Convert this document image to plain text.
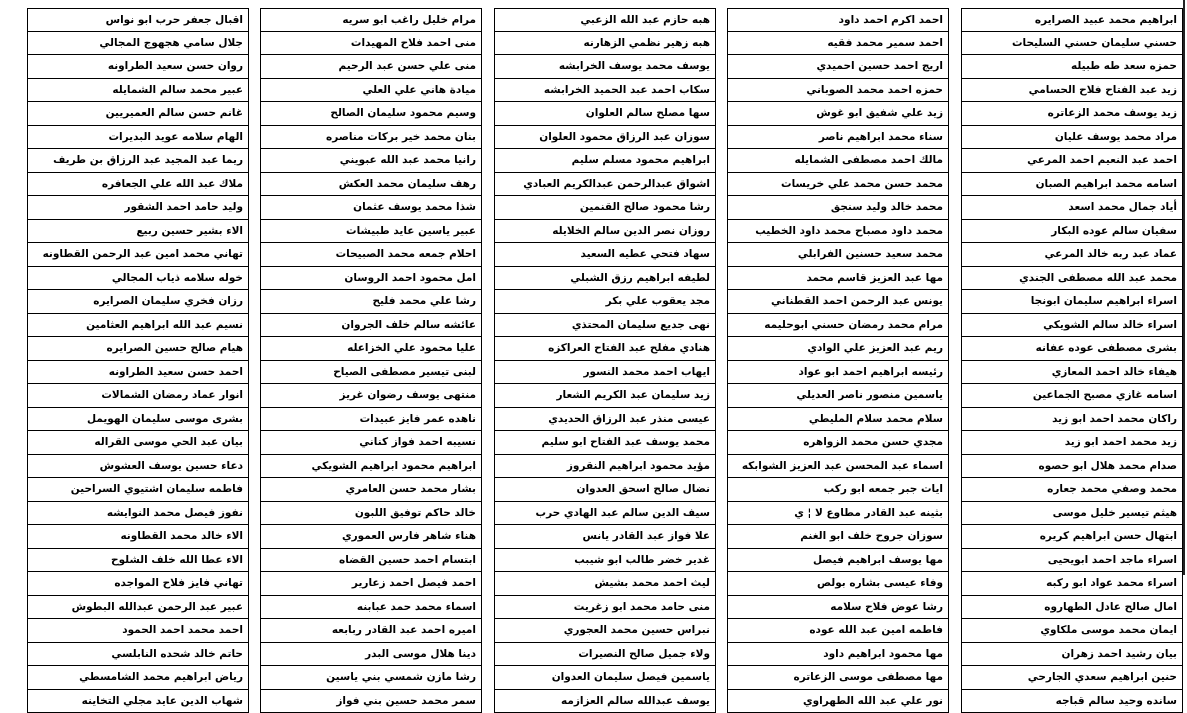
ابراهيم محمد عبيد الصرايره
حسني سليمان حسني السليحات
حمزه سعد طه طبيله
زيد عبد الفتاح فلاح الحسامي
زيد يوسف محمد الزعاتره
مراد محمد يوسف عليان
احمد عبد النعيم احمد المرعي
اسامه محمد ابراهيم الصبان
أياد جمال محمد اسعد
سفيان سالم عوده البكار
عماد عبد ربه خالد المرعي
محمد عبد الله مصطفى الجندي
اسراء ابراهيم سليمان ابونجا
اسراء خالد سالم الشويكي
بشرى مصطفى عوده عفانه
هيفاء خالد احمد المعازي
اسامه غازي مصبح الجماعين
راكان محمد احمد ابو زيد
زيد محمد احمد ابو زيد
صدام محمد هلال ابو حصوه
محمد وصفي محمد جعاره
هيثم تيسير خليل موسى
ابتهال حسن ابراهيم كريره
اسراء ماجد احمد ابويحيى
اسراء محمد عواد ابو ركبه
امال صالح عادل الطهاروه
ايمان محمد موسى ملكاوي
بيان رشيد احمد زهران
حنين ابراهيم سعدي الجارحي
سانده وحيد سالم قباجه
احمد اكرم احمد داود
احمد سمير محمد فقيه
اريج احمد حسين احميدي
حمزه احمد محمد الصوباني
زيد علي شفيق ابو غوش
سناء محمد ابراهيم ناصر
مالك احمد مصطفى الشمايله
محمد حسن محمد علي خريسات
محمد خالد وليد سنجق
محمد داود مصباح محمد داود الخطيب
محمد سعيد حسنين الفرابلي
مها عبد العزيز قاسم محمد
يونس عبد الرحمن احمد القطناني
مرام محمد رمضان حسني ابوحليمه
ريم عبد العزيز علي الوادي
رئيسه ابراهيم احمد ابو عواد
ياسمين منصور ناصر العديلي
سلام محمد سلام المليطي
مجدي حسن محمد الزواهره
اسماء عبد المحسن عبد العزيز الشوابكه
ايات جبر جمعه ابو ركب
بثينه عبد القادر مطاوع لا ¦ ي
سوزان جروح خلف ابو الغنم
مها يوسف ابراهيم فيصل
وفاء عيسى بشاره بولص
رشا عوض فلاح سلامه
فاطمه امين عبد الله عوده
مها محمود ابراهيم داود
مها مصطفى موسى الزعاتره
نور علي عبد الله الطهراوي
هبه حازم عبد الله الزعبي
هبه زهير نظمي الزهارنه
يوسف محمد يوسف الخرابشه
سكاب احمد عبد الحميد الخرابشه
سها مصلح سالم العلوان
سوزان عبد الرزاق محمود العلوان
ابراهيم محمود مسلم سليم
اشواق عبدالرحمن عبدالكريم العبادي
رشا محمود صالح القنمين
روزان نصر الدين سالم الخلايله
سهاد فتحي عطيه السعيد
لطيفه ابراهيم رزق الشبلي
مجد يعقوب علي بكر
نهى جديع سليمان المحتذي
هنادي مفلح عبد الفتاح العراكزه
ايهاب احمد محمد النسور
زيد سليمان عبد الكريم الشعار
عيسى منذر عبد الرزاق الحديدي
محمد يوسف عبد الفتاح ابو سليم
مؤيد محمود ابراهيم النقروز
نضال صالح اسحق العدوان
سيف الدين سالم عبد الهادي حرب
علا فواز عبد القادر يانس
غدير خضر طالب ابو شيبب
ليث احمد محمد بشيش
منى حامد محمد ابو زغريت
نبراس حسين محمد العجوري
ولاء جميل صالح النصيرات
ياسمين فيصل سليمان العدوان
يوسف عبدالله سالم العزازمه
مرام خليل راغب ابو سريه
منى احمد فلاح المهيدات
منى علي حسن عبد الرحيم
ميادة هاني علي العلي
وسيم محمود سليمان الصالح
بنان محمد خير بركات مناصره
رانيا محمد عبد الله عبويني
رهف سليمان محمد العكش
شذا محمد يوسف عثمان
عبير ياسين عايد طبيشات
احلام جمعه محمد الصبيحات
امل محمود احمد الروسان
رشا علي محمد فليح
عائشه سالم خلف الجروان
عليا محمود علي الخزاعله
لبنى تيسير مصطفى الصياح
منتهى يوسف رضوان غريز
ناهده عمر فايز عبيدات
نسيبه احمد فواز كناني
ابراهيم محمود ابراهيم الشويكي
بشار محمد حسن العامري
خالد حاكم توفيق اللبون
هناء شاهر فارس العموري
ابتسام احمد حسين القضاه
احمد فيصل احمد زعارير
اسماء محمد حمد عبابنه
اميره احمد عبد القادر ربابعه
دينا هلال موسى البدر
رشا مازن شمسي بني ياسين
سمر محمد حسين بني فواز
اقبال جعفر حرب ابو نواس
جلال سامي هجهوج المجالي
روان حسن سعيد الطراونه
عبير محمد سالم الشمايله
غانم حسن سالم العميريين
الهام سلامه عويد البديرات
ريما عبد المجيد عبد الرزاق بن طريف
ملاك عبد الله علي الجعافره
وليد حامد احمد الشقور
الاء بشير حسين ربيع
تهاني محمد امين عبد الرحمن القطاونه
خوله سلامه ذياب المجالي
رزان فخري سليمان الصرايره
نسيم عبد الله ابراهيم العثامين
هيام صالح حسين الصرايره
احمد حسن سعيد الطراونه
انوار عماد رمضان الشمالات
بشرى موسى سليمان الهويمل
بيان عبد الحي موسى القراله
دعاء حسين يوسف العشوش
فاطمه سليمان اشتيوي السراحين
نفوز فيصل محمد النوايشه
الاء خالد محمد القطاونه
الاء عطا الله خلف الشلوح
تهاني فايز فلاح المواجده
عبير عبد الرحمن عبدالله البطوش
احمد محمد احمد الحمود
حاتم خالد شحده النابلسي
رياض ابراهيم محمد الشامسطي
شهاب الدين عايد مجلي التخاينه
